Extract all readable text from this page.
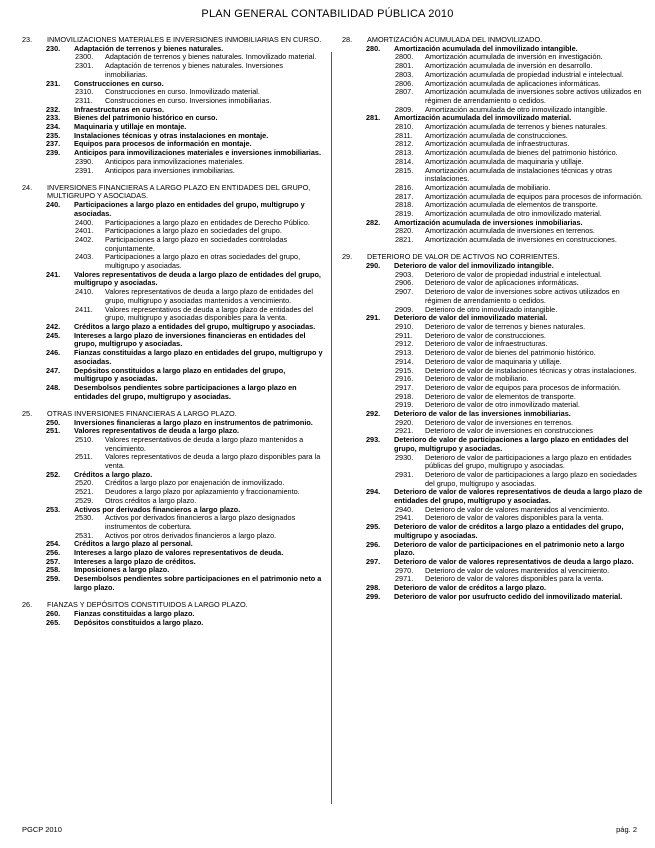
PLAN GENERAL CONTABILIDAD PÚBLICA 2010
23. INMOVILIZACIONES MATERIALES E INVERSIONES INMOBILIARIAS EN CURSO.
230. Adaptación de terrenos y bienes naturales.
2300. Adaptación de terrenos y bienes naturales. Inmovilizado material.
2301. Adaptación de terrenos y bienes naturales. Inversiones inmobiliarias.
231. Construcciones en curso.
2310. Construcciones en curso. Inmovilizado material.
2311. Construcciones en curso. Inversiones inmobiliarias.
232. Infraestructuras en curso.
233. Bienes del patrimonio histórico en curso.
234. Maquinaria y utillaje en montaje.
235. Instalaciones técnicas y otras instalaciones en montaje.
237. Equipos para procesos de información en montaje.
239. Anticipos para inmovilizaciones materiales e inversiones inmobiliarias.
2390. Anticipos para inmovilizaciones materiales.
2391. Anticipos para inversiones inmobiliarias.
24. INVERSIONES FINANCIERAS A LARGO PLAZO EN ENTIDADES DEL GRUPO, MULTIGRUPO Y ASOCIADAS.
240. Participaciones a largo plazo en entidades del grupo, multigrupo y asociadas.
2400. Participaciones a largo plazo en entidades de Derecho Público.
2401. Participaciones a largo plazo en sociedades del grupo.
2402. Participaciones a largo plazo en sociedades controladas conjuntamente.
2403. Participaciones a largo plazo en otras sociedades del grupo, multigrupo y asociadas.
241. Valores representativos de deuda a largo plazo de entidades del grupo, multigrupo y asociadas.
2410. Valores representativos de deuda a largo plazo de entidades del grupo, multigrupo y asociadas mantenidos a vencimiento.
2411. Valores representativos de deuda a largo plazo de entidades del grupo, multigrupo y asociadas disponibles para la venta.
242. Créditos a largo plazo a entidades del grupo, multigrupo y asociadas.
245. Intereses a largo plazo de inversiones financieras en entidades del grupo, multigrupo y asociadas.
246. Fianzas constituidas a largo plazo en entidades del grupo, multigrupo y asociadas.
247. Depósitos constituidos a largo plazo en entidades del grupo, multigrupo y asociadas.
248. Desembolsos pendientes sobre participaciones a largo plazo en entidades del grupo, multigrupo y asociadas.
25. OTRAS INVERSIONES FINANCIERAS A LARGO PLAZO.
250. Inversiones financieras a largo plazo en instrumentos de patrimonio.
251. Valores representativos de deuda a largo plazo.
2510. Valores representativos de deuda a largo plazo mantenidos a vencimiento.
2511. Valores representativos de deuda a largo plazo disponibles para la venta.
252. Créditos a largo plazo.
2520. Créditos a largo plazo por enajenación de inmovilizado.
2521. Deudores a largo plazo por aplazamiento y fraccionamiento.
2529. Otros créditos a largo plazo.
253. Activos por derivados financieros a largo plazo.
2530. Activos por derivados financieros a largo plazo designados instrumentos de cobertura.
2531. Activos por otros derivados financieros a largo plazo.
254. Créditos a largo plazo al personal.
256. Intereses a largo plazo de valores representativos de deuda.
257. Intereses a largo plazo de créditos.
258. Imposiciones a largo plazo.
259. Desembolsos pendientes sobre participaciones en el patrimonio neto a largo plazo.
26. FIANZAS Y DEPÓSITOS CONSTITUIDOS A LARGO PLAZO.
260. Fianzas constituidas a largo plazo.
265. Depósitos constituidos a largo plazo.
28. AMORTIZACIÓN ACUMULADA DEL INMOVILIZADO.
280. Amortización acumulada del inmovilizado intangible.
2800. Amortización acumulada de inversión en investigación.
2801. Amortización acumulada de inversión en desarrollo.
2803. Amortización acumulada de propiedad industrial e intelectual.
2806. Amortización acumulada de aplicaciones informáticas.
2807. Amortización acumulada de inversiones sobre activos utilizados en régimen de arrendamiento o cedidos.
2809. Amortización acumulada de otro inmovilizado intangible.
281. Amortización acumulada del inmovilizado material.
2810. Amortización acumulada de terrenos y bienes naturales.
2811. Amortización acumulada de construcciones.
2812. Amortización acumulada de infraestructuras.
2813. Amortización acumulada de bienes del patrimonio histórico.
2814. Amortización acumulada de maquinaria y utillaje.
2815. Amortización acumulada de instalaciones técnicas y otras instalaciones.
2816. Amortización acumulada de mobiliario.
2817. Amortización acumulada de equipos para procesos de información.
2818. Amortización acumulada de elementos de transporte.
2819. Amortización acumulada de otro inmovilizado material.
282. Amortización acumulada de inversiones inmobiliarias.
2820. Amortización acumulada de inversiones en terrenos.
2821. Amortización acumulada de inversiones en construcciones.
29. DETERIORO DE VALOR DE ACTIVOS NO CORRIENTES.
290. Deterioro de valor del inmovilizado intangible.
2903. Deterioro de valor de propiedad industrial e intelectual.
2906. Deterioro de valor de aplicaciones informáticas.
2907. Deterioro de valor de inversiones sobre activos utilizados en régimen de arrendamiento o cedidos.
2909. Deterioro de otro inmovilizado intangible.
291. Deterioro de valor del inmovilizado material.
2910. Deterioro de valor de terrenos y bienes naturales.
2911. Deterioro de valor de construcciones.
2912. Deterioro de valor de infraestructuras.
2913. Deterioro de valor de bienes del patrimonio histórico.
2914. Deterioro de valor de maquinaria y utillaje.
2915. Deterioro de valor de instalaciones técnicas y otras instalaciones.
2916. Deterioro de valor de mobiliario.
2917. Deterioro de valor de equipos para procesos de información.
2918. Deterioro de valor de elementos de transporte.
2919. Deterioro de valor de otro inmovilizado material.
292. Deterioro de valor de las inversiones inmobiliarias.
2920. Deterioro de valor de inversiones en terrenos.
2921. Deterioro de valor de inversiones en construcciones
293. Deterioro de valor de participaciones a largo plazo en entidades del grupo, multigrupo y asociadas.
2930. Deterioro de valor de participaciones a largo plazo en entidades públicas del grupo, multigrupo y asociadas.
2931. Deterioro de valor de participaciones a largo plazo en sociedades del grupo, multigrupo y asociadas.
294. Deterioro de valor de valores representativos de deuda a largo plazo de entidades del grupo, multigrupo y asociadas.
2940. Deterioro de valor de valores mantenidos al vencimiento.
2941. Deterioro de valor de valores disponibles para la venta.
295. Deterioro de valor de créditos a largo plazo a entidades del grupo, multigrupo y asociadas.
296. Deterioro de valor de participaciones en el patrimonio neto a largo plazo.
297. Deterioro de valor de valores representativos de deuda a largo plazo.
2970. Deterioro de valor de valores mantenidos al vencimiento.
2971. Deterioro de valor de valores disponibles para la venta.
298. Deterioro de valor de créditos a largo plazo.
299. Deterioro de valor por usufructo cedido del inmovilizado material.
PGCP 2010	pág. 2
